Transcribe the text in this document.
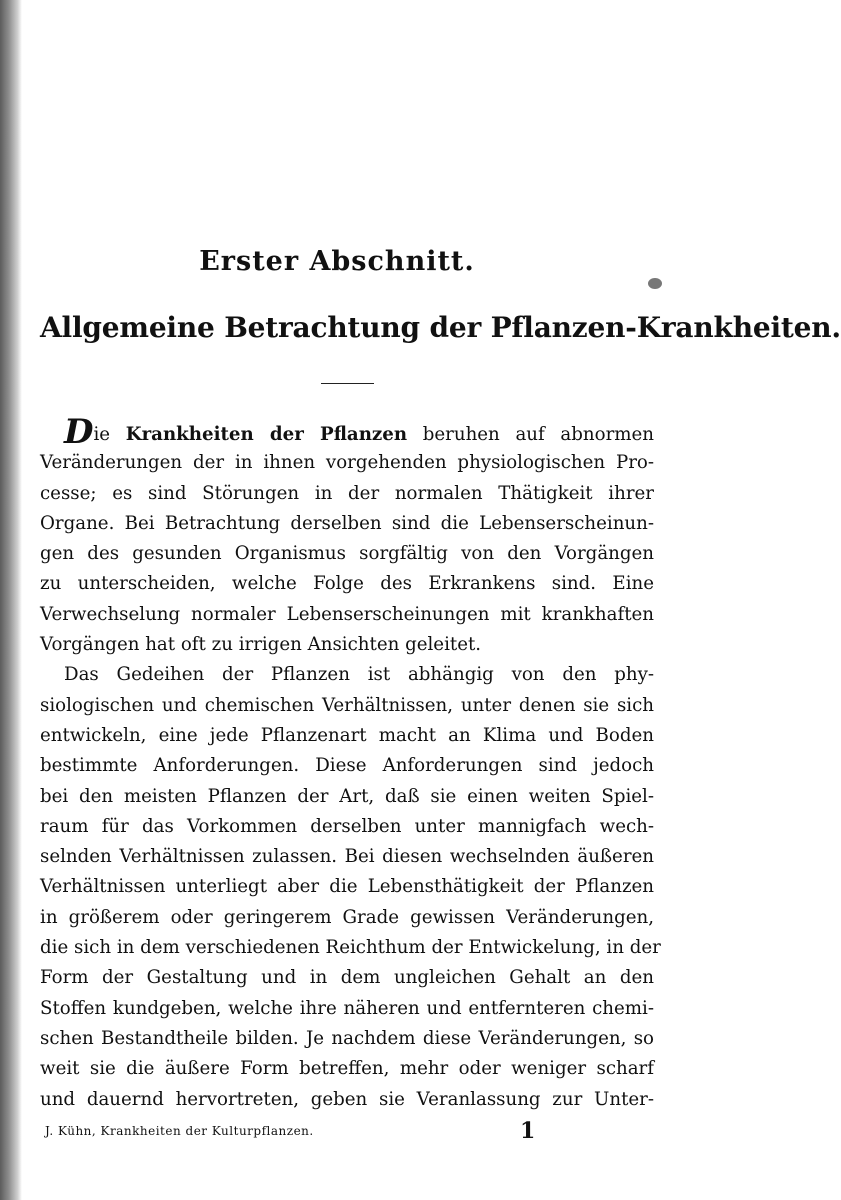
Erster Abschnitt.
Allgemeine Betrachtung der Pflanzen-Krankheiten.
Die Krankheiten der Pflanzen beruhen auf abnormen
Veränderungen der in ihnen vorgehenden physiologischen Pro-
cesse; es sind Störungen in der normalen Thätigkeit ihrer
Organe. Bei Betrachtung derselben sind die Lebenserscheinun-
gen des gesunden Organismus sorgfältig von den Vorgängen
zu unterscheiden, welche Folge des Erkrankens sind. Eine
Verwechselung normaler Lebenserscheinungen mit krankhaften
Vorgängen hat oft zu irrigen Ansichten geleitet.
Das Gedeihen der Pflanzen ist abhängig von den phy-
siologischen und chemischen Verhältnissen, unter denen sie sich
entwickeln, eine jede Pflanzenart macht an Klima und Boden
bestimmte Anforderungen. Diese Anforderungen sind jedoch
bei den meisten Pflanzen der Art, daß sie einen weiten Spiel-
raum für das Vorkommen derselben unter mannigfach wech-
selnden Verhältnissen zulassen. Bei diesen wechselnden äußeren
Verhältnissen unterliegt aber die Lebensthätigkeit der Pflanzen
in größerem oder geringerem Grade gewissen Veränderungen,
die sich in dem verschiedenen Reichthum der Entwickelung, in der
Form der Gestaltung und in dem ungleichen Gehalt an den
Stoffen kundgeben, welche ihre näheren und entfernteren chemi-
schen Bestandtheile bilden. Je nachdem diese Veränderungen, so
weit sie die äußere Form betreffen, mehr oder weniger scharf
und dauernd hervortreten, geben sie Veranlassung zur Unter-
J. Kühn, Krankheiten der Kulturpflanzen.	1
